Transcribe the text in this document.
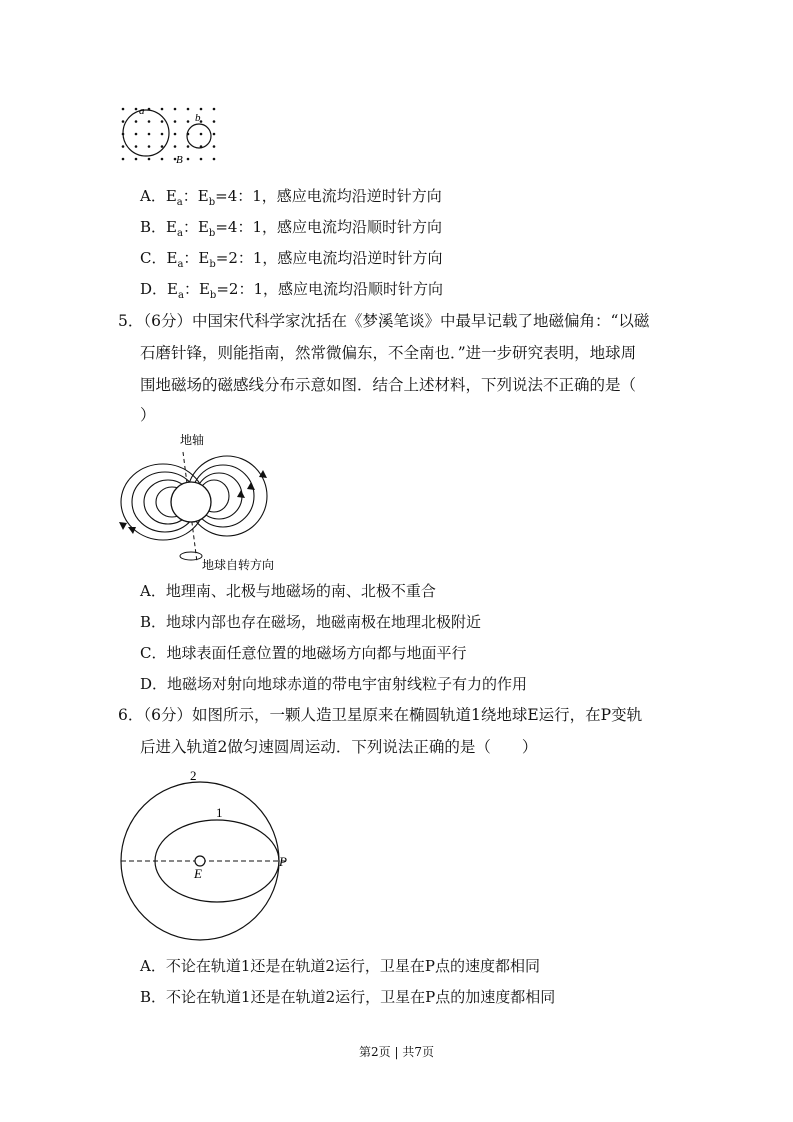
a
b
B
A．$E_a$：$E_b=4$：1，感应电流均沿逆时针方向
B．$E_a$：$E_b=4$：1，感应电流均沿顺时针方向
C．$E_a$：$E_b=2$：1，感应电流均沿逆时针方向
D．$E_a$：$E_b=2$：1，感应电流均沿顺时针方向
5．（6分）中国宋代科学家沈括在《梦溪笔谈》中最早记载了地磁偏角：“以磁
石磨针锋，则能指南，然常微偏东，不全南也．”进一步研究表明，地球周
围地磁场的磁感线分布示意如图．结合上述材料，下列说法不正确的是（
）
地轴
地球自转方向
A．地理南、北极与地磁场的南、北极不重合
B．地球内部也存在磁场，地磁南极在地理北极附近
C．地球表面任意位置的地磁场方向都与地面平行
D．地磁场对射向地球赤道的带电宇宙射线粒子有力的作用
6．（6分）如图所示，一颗人造卫星原来在椭圆轨道1绕地球E运行，在P变轨
后进入轨道2做匀速圆周运动．下列说法正确的是（　　）
2
1
E
P
A．不论在轨道1还是在轨道2运行，卫星在P点的速度都相同
B．不论在轨道1还是在轨道2运行，卫星在P点的加速度都相同
第2页 | 共7页
